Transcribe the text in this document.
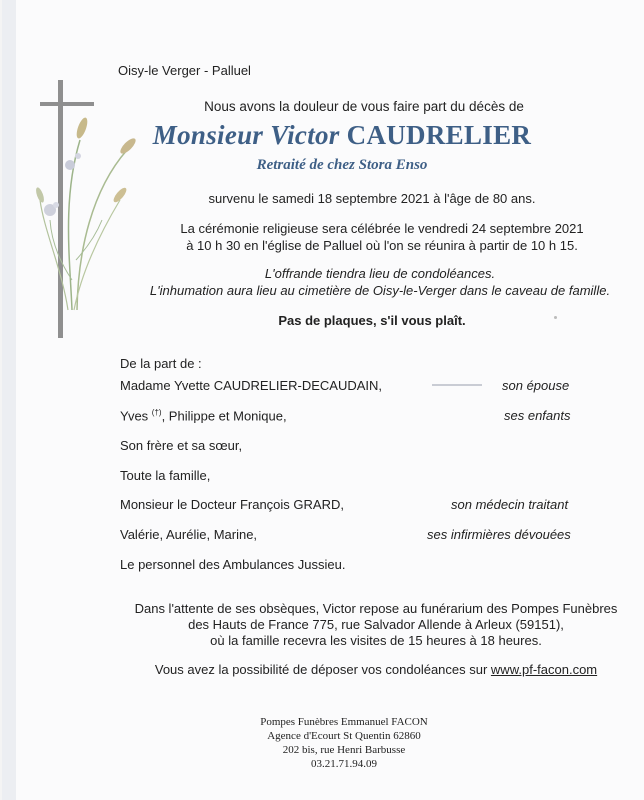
Oisy-le Verger - Palluel
Nous avons la douleur de vous faire part du décès de
Monsieur Victor CAUDRELIER
Retraité de chez Stora Enso
survenu le samedi 18 septembre 2021 à l'âge de 80 ans.
La cérémonie religieuse sera célébrée le vendredi 24 septembre 2021
à 10 h 30 en l'église de Palluel où l'on se réunira à partir de 10 h 15.
L'offrande tiendra lieu de condoléances.
L'inhumation aura lieu au cimetière de Oisy-le-Verger dans le caveau de famille.
Pas de plaques, s'il vous plaît.
De la part de :
Madame Yvette CAUDRELIER-DECAUDAIN,	son épouse
Yves (†), Philippe et Monique,	ses enfants
Son frère et sa sœur,
Toute la famille,
Monsieur le Docteur François GRARD,	son médecin traitant
Valérie, Aurélie, Marine,	ses infirmières dévouées
Le personnel des Ambulances Jussieu.
Dans l'attente de ses obsèques, Victor repose au funérarium des Pompes Funèbres
des Hauts de France 775, rue Salvador Allende à Arleux (59151),
où la famille recevra les visites de 15 heures à 18 heures.
Vous avez la possibilité de déposer vos condoléances sur www.pf-facon.com
Pompes Funèbres Emmanuel FACON
Agence d'Ecourt St Quentin 62860
202 bis, rue Henri Barbusse
03.21.71.94.09
